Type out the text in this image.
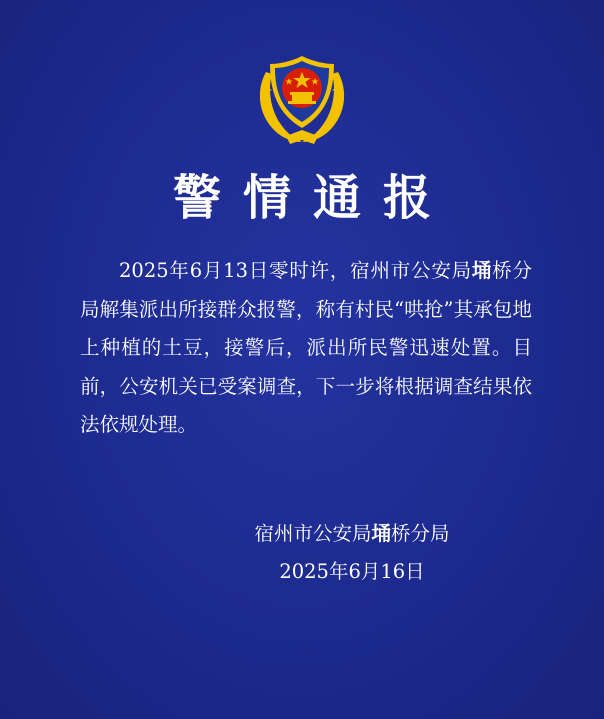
警情通报

2025年6月13日零时许，宿州市公安局埇桥分局解集派出所接群众报警，称有村民“哄抢”其承包地上种植的土豆，接警后，派出所民警迅速处置。目前，公安机关已受案调查，下一步将根据调查结果依法依规处理。

宿州市公安局埇桥分局
2025年6月16日
